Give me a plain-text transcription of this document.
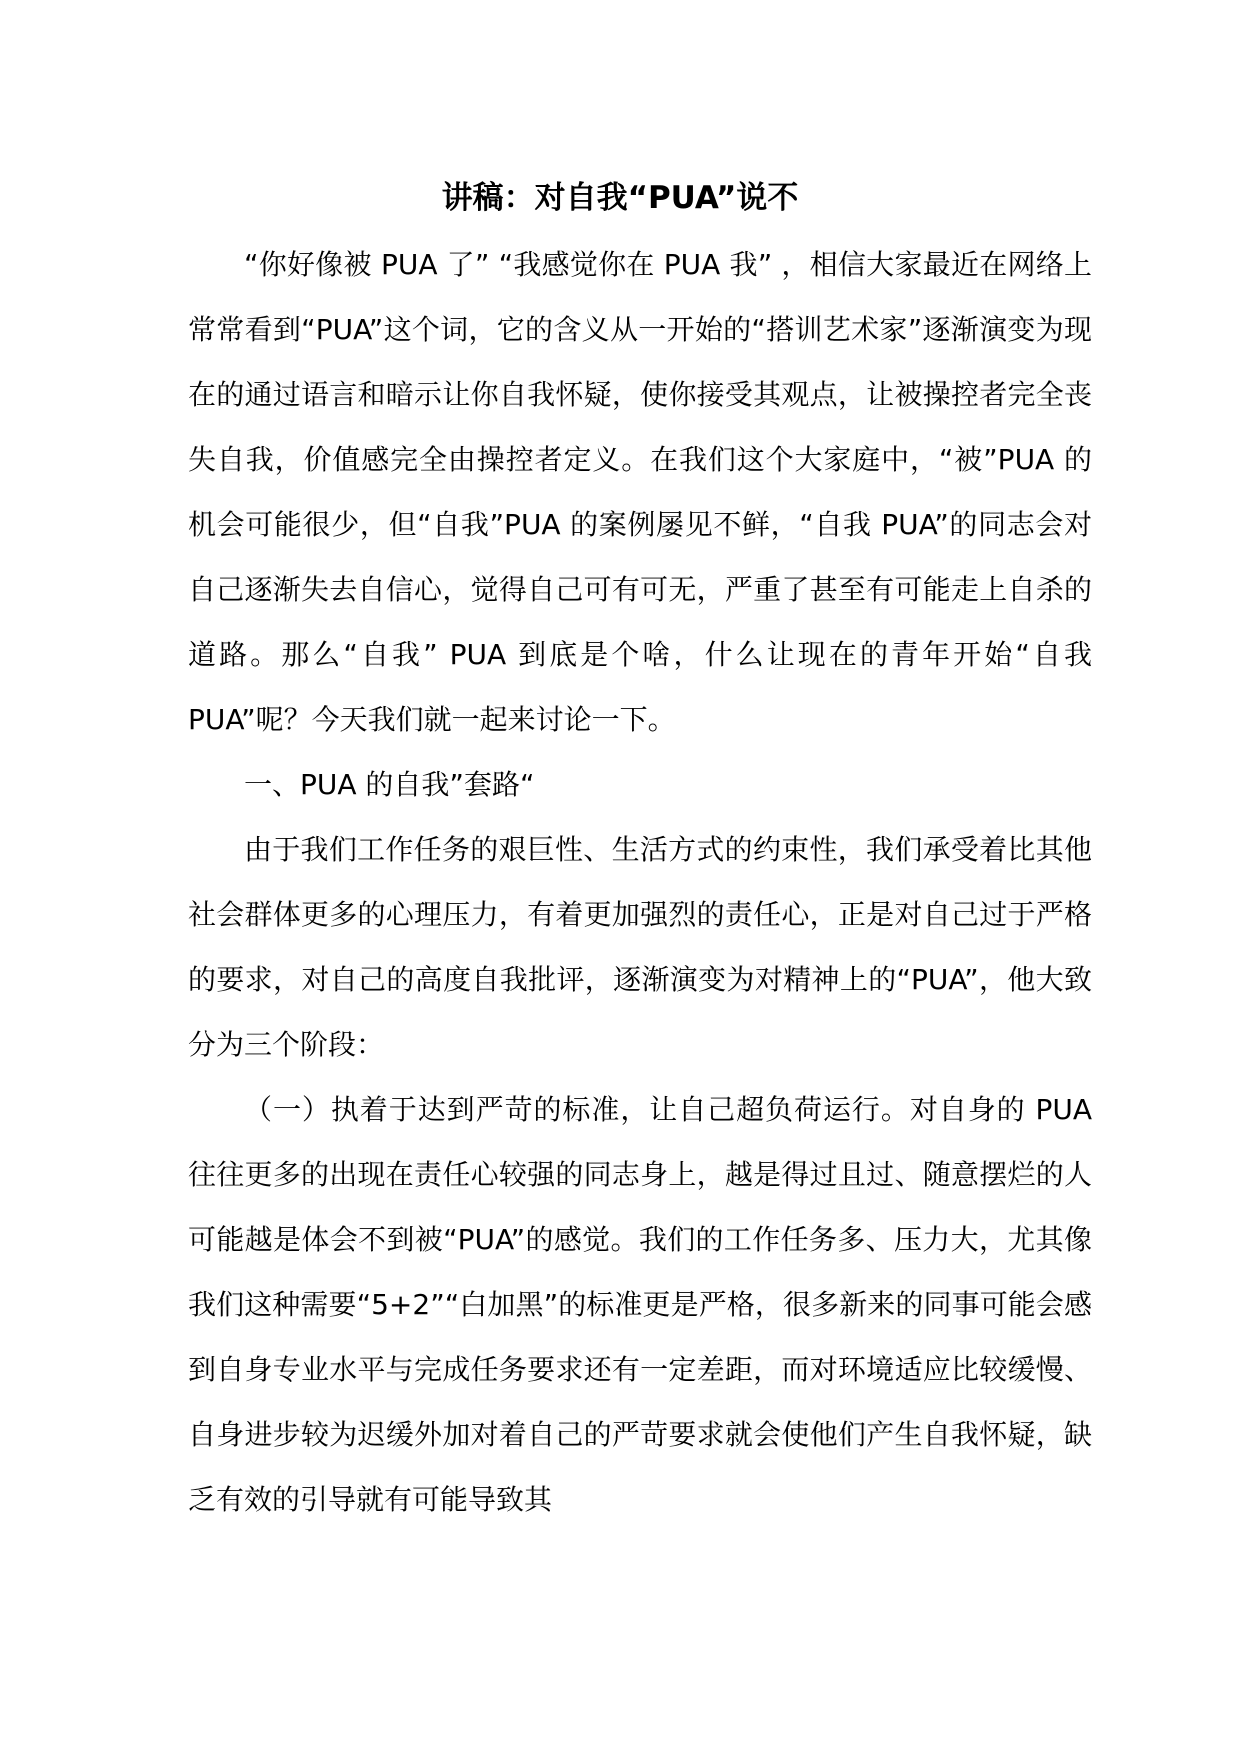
讲稿：对自我“PUA”说不

“你好像被 PUA 了” “我感觉你在 PUA 我” ，相信大家最近在网络上常常看到“PUA”这个词，它的含义从一开始的“搭训艺术家”逐渐演变为现在的通过语言和暗示让你自我怀疑，使你接受其观点，让被操控者完全丧失自我，价值感完全由操控者定义。在我们这个大家庭中，“被”PUA 的机会可能很少，但“自我”PUA 的案例屡见不鲜，“自我 PUA”的同志会对自己逐渐失去自信心，觉得自己可有可无，严重了甚至有可能走上自杀的道路。那么“自我” PUA 到底是个啥，什么让现在的青年开始“自我 PUA”呢？今天我们就一起来讨论一下。

一、PUA 的自我”套路“

由于我们工作任务的艰巨性、生活方式的约束性，我们承受着比其他社会群体更多的心理压力，有着更加强烈的责任心，正是对自己过于严格的要求，对自己的高度自我批评，逐渐演变为对精神上的“PUA”，他大致分为三个阶段：

（一）执着于达到严苛的标准，让自己超负荷运行。对自身的 PUA 往往更多的出现在责任心较强的同志身上，越是得过且过、随意摆烂的人可能越是体会不到被“PUA”的感觉。我们的工作任务多、压力大，尤其像我们这种需要“5+2”“白加黑”的标准更是严格，很多新来的同事可能会感到自身专业水平与完成任务要求还有一定差距，而对环境适应比较缓慢、自身进步较为迟缓外加对着自己的严苛要求就会使他们产生自我怀疑，缺乏有效的引导就有可能导致其
